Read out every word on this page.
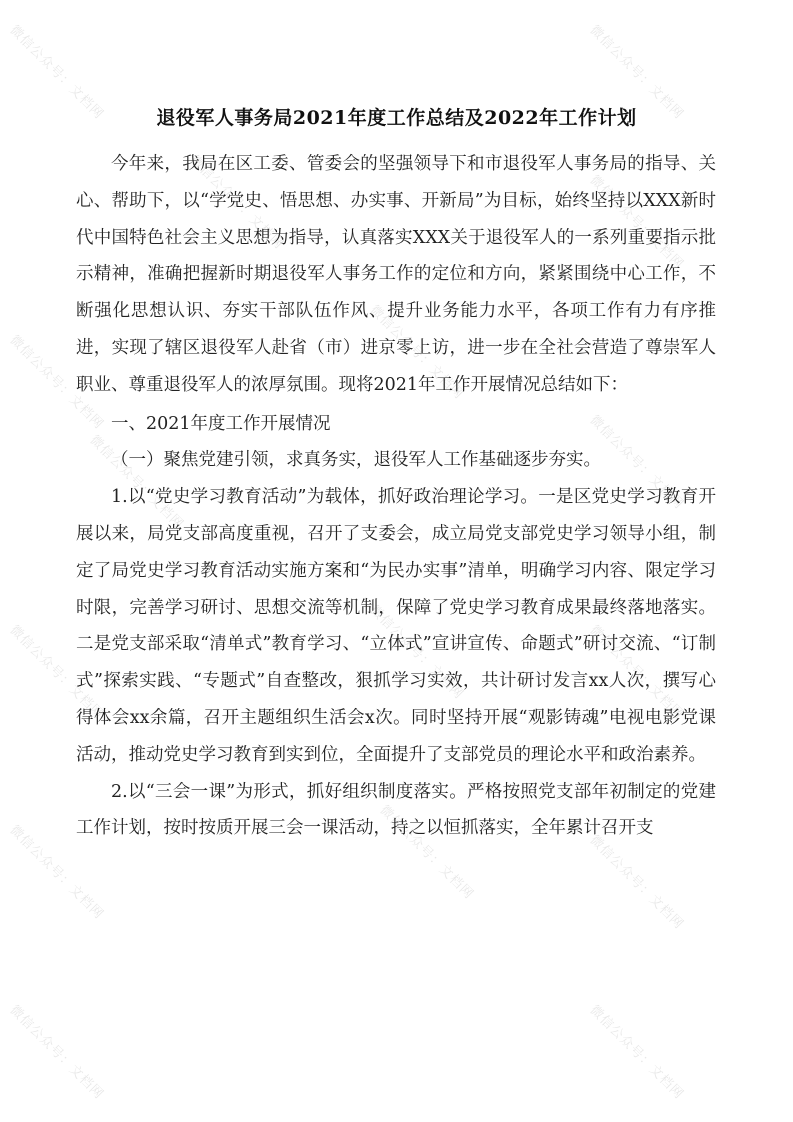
微信公众号：文档网	微信公众号：文档网
微信公众号：文档网	微信公众号：文档网
微信公众号：文档网	微信公众号：文档网
微信公众号：文档网	微信公众号：文档网
微信公众号：文档网	微信公众号：文档网	微信公众号：文档网
微信公众号：文档网	微信公众号：文档网	微信公众号：文档网
微信公众号：文档网	微信公众号：文档网
退役军人事务局2021年度工作总结及2022年工作计划

今年来，我局在区工委、管委会的坚强领导下和市退役军人事务局的指导、关心、帮助下，以“学党史、悟思想、办实事、开新局”为目标，始终坚持以XXX新时代中国特色社会主义思想为指导，认真落实XXX关于退役军人的一系列重要指示批示精神，准确把握新时期退役军人事务工作的定位和方向，紧紧围绕中心工作，不断强化思想认识、夯实干部队伍作风、提升业务能力水平，各项工作有力有序推进，实现了辖区退役军人赴省（市）进京零上访，进一步在全社会营造了尊崇军人职业、尊重退役军人的浓厚氛围。现将2021年工作开展情况总结如下：

一、2021年度工作开展情况

（一）聚焦党建引领，求真务实，退役军人工作基础逐步夯实。

1.以“党史学习教育活动”为载体，抓好政治理论学习。一是区党史学习教育开展以来，局党支部高度重视，召开了支委会，成立局党支部党史学习领导小组，制定了局党史学习教育活动实施方案和“为民办实事”清单，明确学习内容、限定学习时限，完善学习研讨、思想交流等机制，保障了党史学习教育成果最终落地落实。二是党支部采取“清单式”教育学习、“立体式”宣讲宣传、命题式”研讨交流、“订制式”探索实践、“专题式”自查整改，狠抓学习实效，共计研讨发言xx人次，撰写心得体会xx余篇，召开主题组织生活会x次。同时坚持开展“观影铸魂”电视电影党课活动，推动党史学习教育到实到位，全面提升了支部党员的理论水平和政治素养。

2.以“三会一课”为形式，抓好组织制度落实。严格按照党支部年初制定的党建工作计划，按时按质开展三会一课活动，持之以恒抓落实，全年累计召开支
